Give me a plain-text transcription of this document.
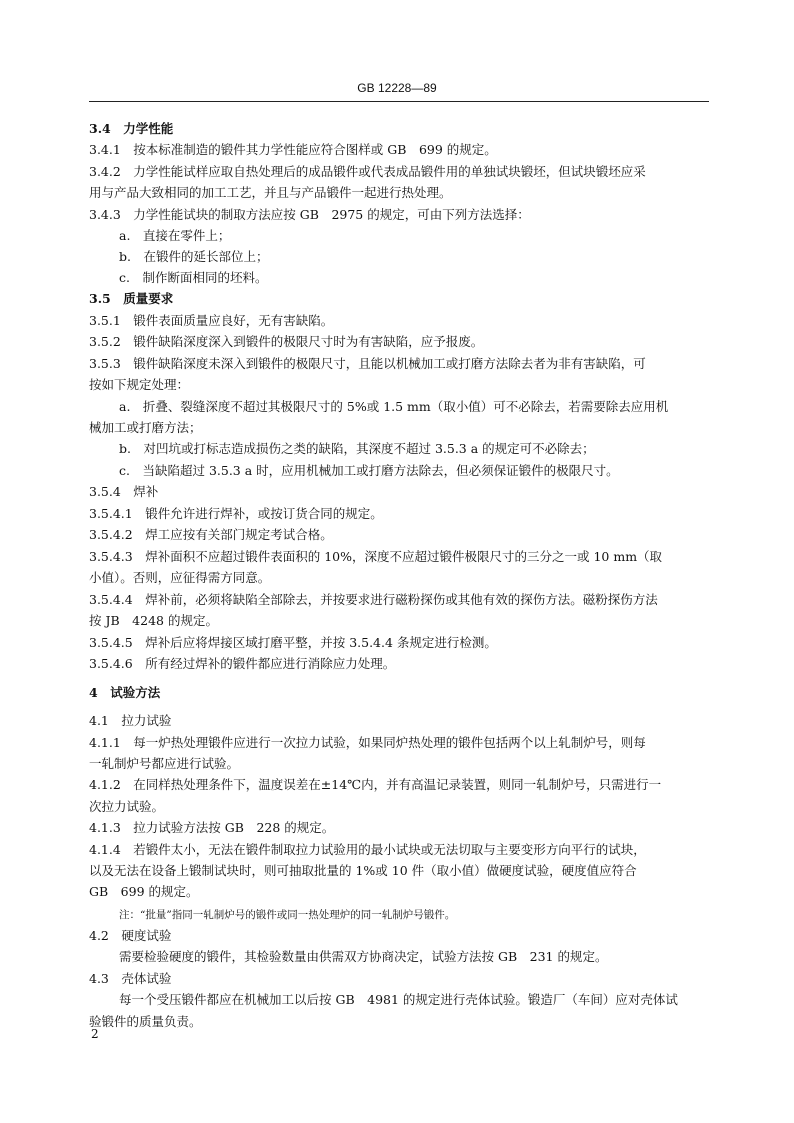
GB 12228—89
3.4　力学性能
3.4.1　按本标准制造的锻件其力学性能应符合图样或 GB　699 的规定。
3.4.2　力学性能试样应取自热处理后的成品锻件或代表成品锻件用的单独试块锻坯，但试块锻坯应采
用与产品大致相同的加工工艺，并且与产品锻件一起进行热处理。
3.4.3　力学性能试块的制取方法应按 GB　2975 的规定，可由下列方法选择：
a.　直接在零件上；
b.　在锻件的延长部位上；
c.　制作断面相同的坯料。
3.5　质量要求
3.5.1　锻件表面质量应良好，无有害缺陷。
3.5.2　锻件缺陷深度深入到锻件的极限尺寸时为有害缺陷，应予报废。
3.5.3　锻件缺陷深度未深入到锻件的极限尺寸，且能以机械加工或打磨方法除去者为非有害缺陷，可
按如下规定处理：
a.　折叠、裂缝深度不超过其极限尺寸的 5%或 1.5 mm（取小值）可不必除去，若需要除去应用机
械加工或打磨方法；
b.　对凹坑或打标志造成损伤之类的缺陷，其深度不超过 3.5.3 a 的规定可不必除去；
c.　当缺陷超过 3.5.3 a 时，应用机械加工或打磨方法除去，但必须保证锻件的极限尺寸。
3.5.4　焊补
3.5.4.1　锻件允许进行焊补，或按订货合同的规定。
3.5.4.2　焊工应按有关部门规定考试合格。
3.5.4.3　焊补面积不应超过锻件表面积的 10%，深度不应超过锻件极限尺寸的三分之一或 10 mm（取
小值）。否则，应征得需方同意。
3.5.4.4　焊补前，必须将缺陷全部除去，并按要求进行磁粉探伤或其他有效的探伤方法。磁粉探伤方法
按 JB　4248 的规定。
3.5.4.5　焊补后应将焊接区域打磨平整，并按 3.5.4.4 条规定进行检测。
3.5.4.6　所有经过焊补的锻件都应进行消除应力处理。
4　试验方法
4.1　拉力试验
4.1.1　每一炉热处理锻件应进行一次拉力试验，如果同炉热处理的锻件包括两个以上轧制炉号，则每
一轧制炉号都应进行试验。
4.1.2　在同样热处理条件下，温度误差在±14℃内，并有高温记录装置，则同一轧制炉号，只需进行一
次拉力试验。
4.1.3　拉力试验方法按 GB　228 的规定。
4.1.4　若锻件太小，无法在锻件制取拉力试验用的最小试块或无法切取与主要变形方向平行的试块，
以及无法在设备上锻制试块时，则可抽取批量的 1%或 10 件（取小值）做硬度试验，硬度值应符合
GB　699 的规定。
注：“批量”指同一轧制炉号的锻件或同一热处理炉的同一轧制炉号锻件。
4.2　硬度试验
需要检验硬度的锻件，其检验数量由供需双方协商决定，试验方法按 GB　231 的规定。
4.3　壳体试验
每一个受压锻件都应在机械加工以后按 GB　4981 的规定进行壳体试验。锻造厂（车间）应对壳体试
验锻件的质量负责。
2
